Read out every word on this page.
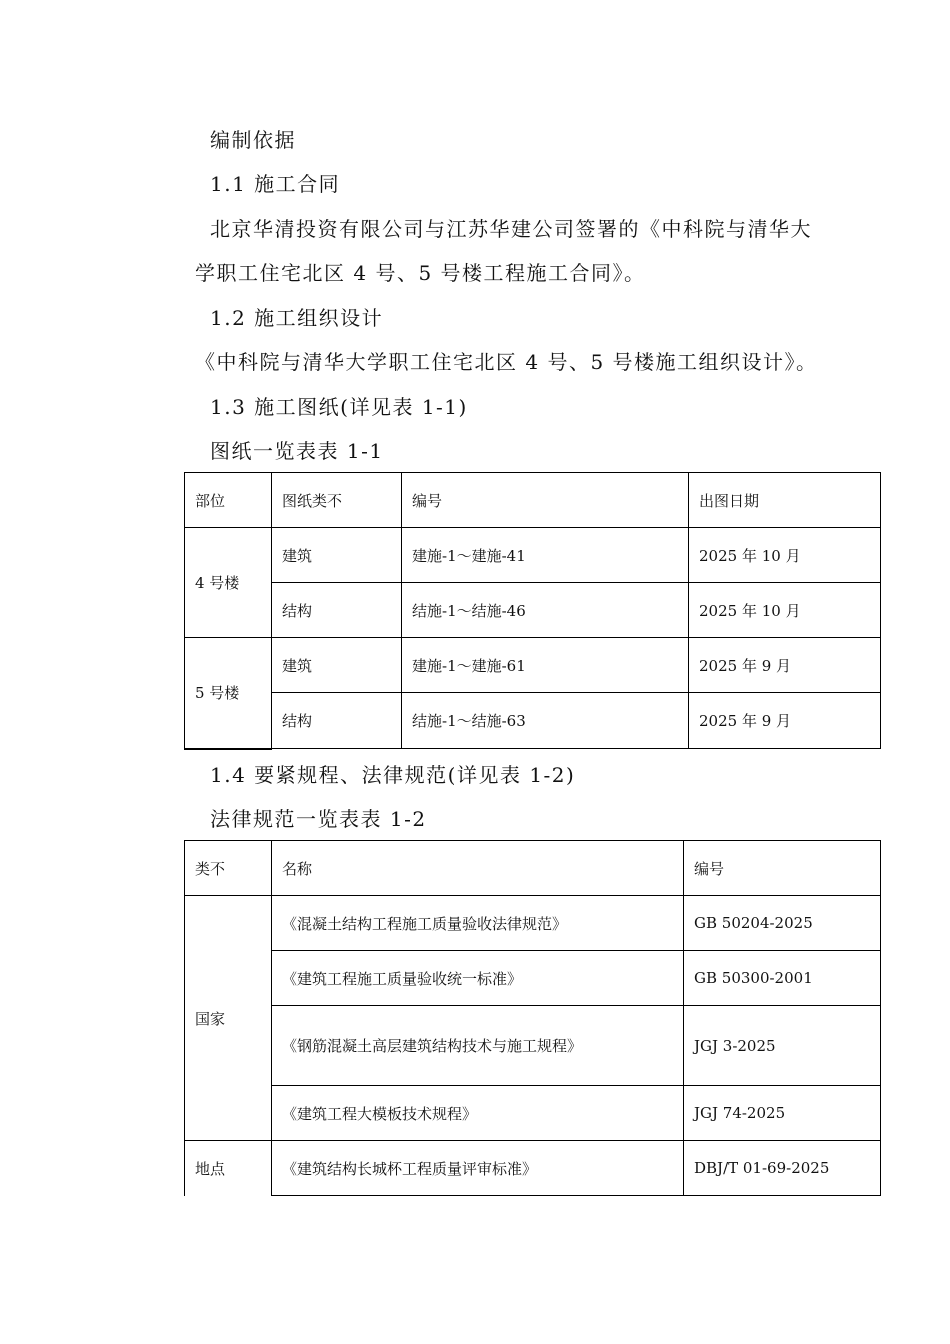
编制依据
1.1 施工合同
北京华清投资有限公司与江苏华建公司签署的《中科院与清华大
学职工住宅北区 4 号、5 号楼工程施工合同》。
1.2 施工组织设计
《中科院与清华大学职工住宅北区 4 号、5 号楼施工组织设计》。
1.3 施工图纸(详见表 1-1)
图纸一览表表 1-1
部位	图纸类不	编号	出图日期
4 号楼	建筑	建施-1～建施-41	2025 年 10 月
	结构	结施-1～结施-46	2025 年 10 月
5 号楼	建筑	建施-1～建施-61	2025 年 9 月
	结构	结施-1～结施-63	2025 年 9 月
1.4 要紧规程、法律规范(详见表 1-2)
法律规范一览表表 1-2
类不	名称	编号
国家	《混凝土结构工程施工质量验收法律规范》	GB 50204-2025
	《建筑工程施工质量验收统一标准》	GB 50300-2001
	《钢筋混凝土高层建筑结构技术与施工规程》	JGJ 3-2025
	《建筑工程大模板技术规程》	JGJ 74-2025
地点	《建筑结构长城杯工程质量评审标准》	DBJ/T 01-69-2025
